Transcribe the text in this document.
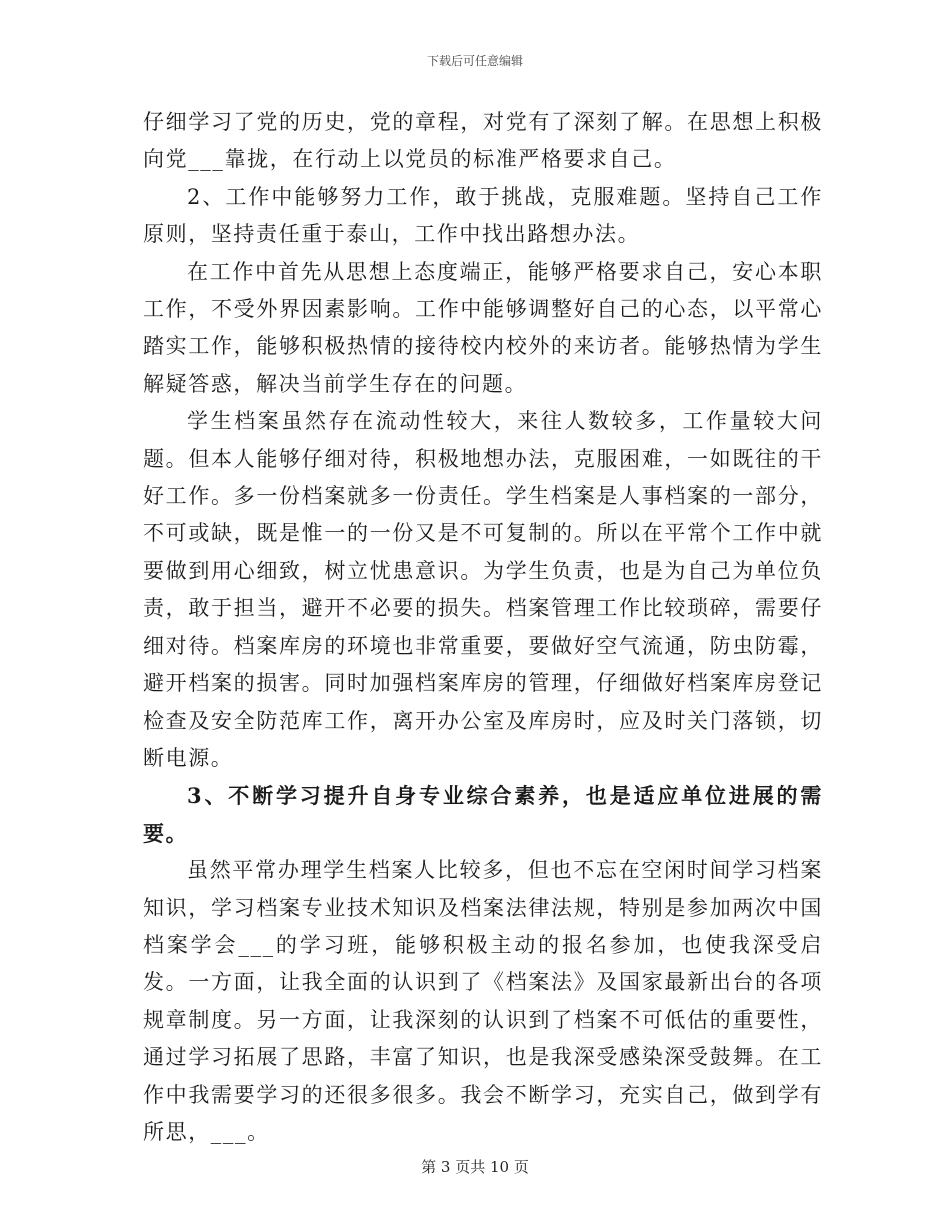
下载后可任意编辑

仔细学习了党的历史，党的章程，对党有了深刻了解。在思想上积极向党___靠拢，在行动上以党员的标准严格要求自己。

2、工作中能够努力工作，敢于挑战，克服难题。坚持自己工作原则，坚持责任重于泰山，工作中找出路想办法。

在工作中首先从思想上态度端正，能够严格要求自己，安心本职工作，不受外界因素影响。工作中能够调整好自己的心态，以平常心踏实工作，能够积极热情的接待校内校外的来访者。能够热情为学生解疑答惑，解决当前学生存在的问题。

学生档案虽然存在流动性较大，来往人数较多，工作量较大问题。但本人能够仔细对待，积极地想办法，克服困难，一如既往的干好工作。多一份档案就多一份责任。学生档案是人事档案的一部分，不可或缺，既是惟一的一份又是不可复制的。所以在平常个工作中就要做到用心细致，树立忧患意识。为学生负责，也是为自己为单位负责，敢于担当，避开不必要的损失。档案管理工作比较琐碎，需要仔细对待。档案库房的环境也非常重要，要做好空气流通，防虫防霉，避开档案的损害。同时加强档案库房的管理，仔细做好档案库房登记检查及安全防范库工作，离开办公室及库房时，应及时关门落锁，切断电源。

3、不断学习提升自身专业综合素养，也是适应单位进展的需要。

虽然平常办理学生档案人比较多，但也不忘在空闲时间学习档案知识，学习档案专业技术知识及档案法律法规，特别是参加两次中国档案学会___的学习班，能够积极主动的报名参加，也使我深受启发。一方面，让我全面的认识到了《档案法》及国家最新出台的各项规章制度。另一方面，让我深刻的认识到了档案不可低估的重要性，通过学习拓展了思路，丰富了知识，也是我深受感染深受鼓舞。在工作中我需要学习的还很多很多。我会不断学习，充实自己，做到学有所思，___。

第 3 页共 10 页
